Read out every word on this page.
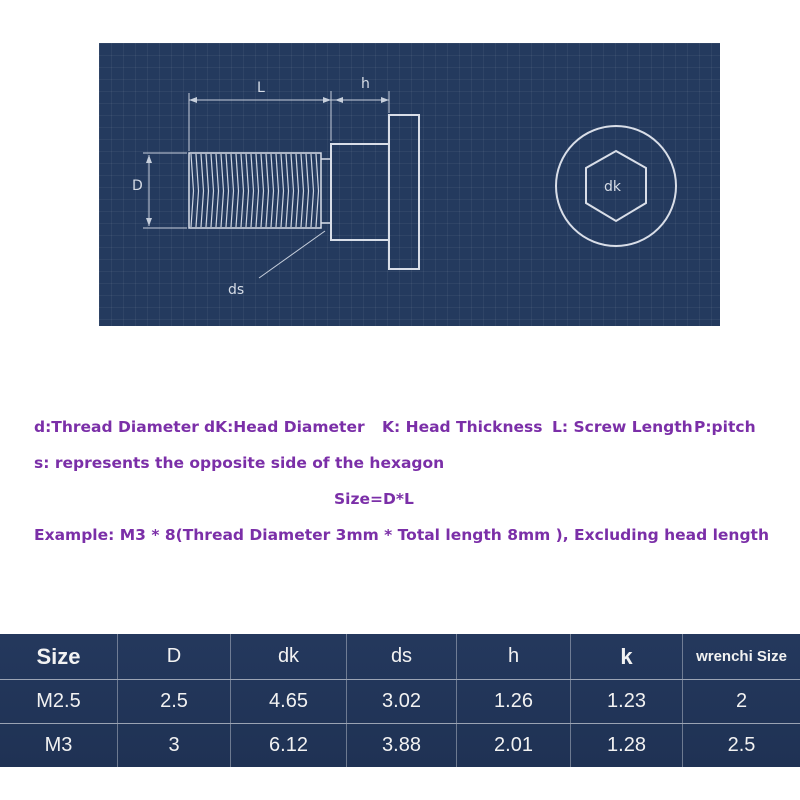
L	h
D
ds
dk
d:Thread Diameter dK:Head Diameter K: Head Thickness L: Screw Length P:pitch
s: represents the opposite side of the hexagon
Size=D*L
Example: M3 * 8(Thread Diameter 3mm * Total length 8mm ), Excluding head length
Size	D	dk	ds	h	k	wrenchi Size
M2.5	2.5	4.65	3.02	1.26	1.23	2
M3	3	6.12	3.88	2.01	1.28	2.5
